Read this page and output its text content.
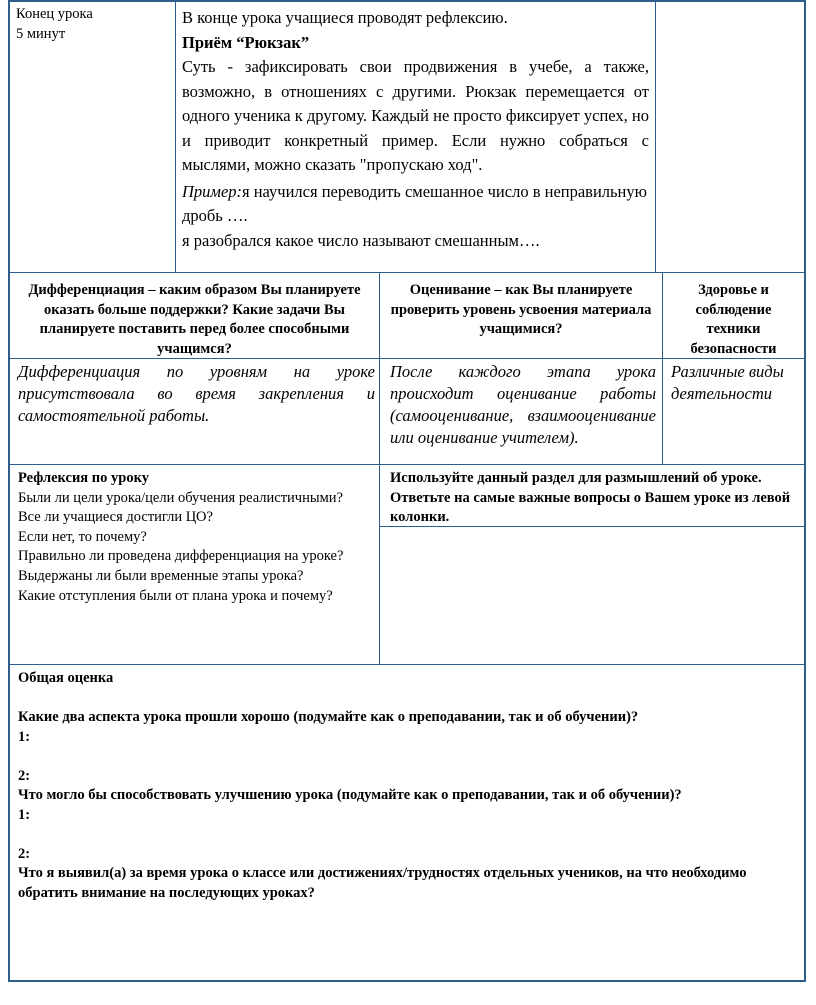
Конец урока
5 минут
В конце урока учащиеся проводят рефлексию.
Приём “Рюкзак”
Суть - зафиксировать свои продвижения в учебе, а также, возможно, в отношениях с другими. Рюкзак перемещается от одного ученика к другому. Каждый не просто фиксирует успех, но и приводит конкретный пример. Если нужно собраться с мыслями, можно сказать "пропускаю ход".
Пример:я научился переводить смешанное число в неправильную дробь ….
я разобрался какое число называют смешанным….
Дифференциация – каким образом Вы планируете оказать больше поддержки? Какие задачи Вы планируете поставить перед более способными учащимся?
Оценивание – как Вы планируете проверить уровень усвоения материала учащимися?
Здоровье и соблюдение техники безопасности
Дифференциация по уровням на уроке присутствовала во время закрепления и самостоятельной работы.
После каждого этапа урока происходит оценивание работы (самооценивание, взаимооценивание или оценивание учителем).
Различные виды деятельности
Рефлексия по уроку
Были ли цели урока/цели обучения реалистичными?
Все ли учащиеся достигли ЦО?
Если нет, то почему?
Правильно ли проведена дифференциация на уроке?
Выдержаны ли были временные этапы урока?
Какие отступления были от плана урока и почему?
Используйте данный раздел для размышлений об уроке. Ответьте на самые важные вопросы о Вашем уроке из левой колонки.
Общая оценка
Какие два аспекта урока прошли хорошо (подумайте как о преподавании, так и об обучении)?
1:
2:
Что могло бы способствовать улучшению урока (подумайте как о преподавании, так и об обучении)?
1:
2:
Что я выявил(а) за время урока о классе или достижениях/трудностях отдельных учеников, на что необходимо обратить внимание на последующих уроках?
